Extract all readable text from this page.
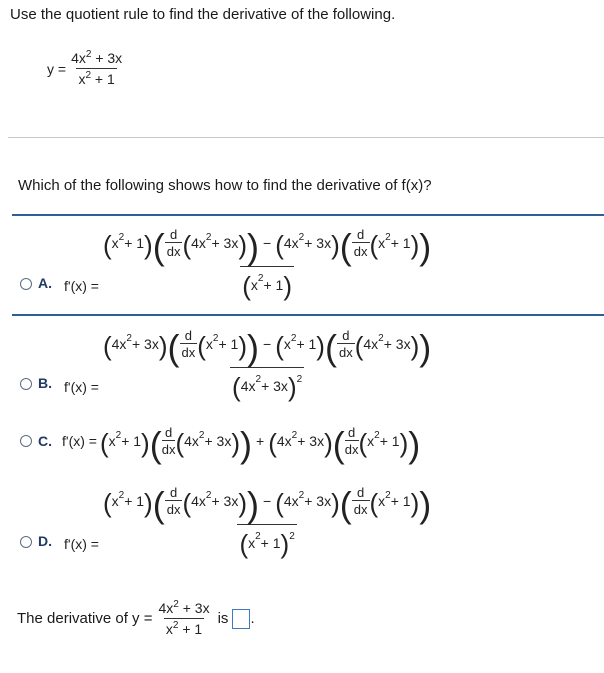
Use the quotient rule to find the derivative of the following.
$y = \frac{4x^2 + 3x}{x^2 + 1}$
Which of the following shows how to find the derivative of f(x)?
A. f'(x) =
( x 2 + 1 ) ( d
dx ( 4x 2 + 3x ) ) − ( 4x 2 + 3x ) ( d
dx ( x 2 + 1 ) )
( x 2 + 1 )
B. f'(x) =
( 4x 2 + 3x ) ( d
dx ( x 2 + 1 ) ) − ( x 2 + 1 ) ( d
dx ( 4x 2 + 3x ) )
( 4x 2 + 3x ) 2
C. f'(x) = ( x 2 + 1 ) ( d
dx ( 4x 2 + 3x ) ) + ( 4x 2 + 3x ) ( d
dx ( x 2 + 1 ) )
D. f'(x) =
( x 2 + 1 ) ( d
dx ( 4x 2 + 3x ) ) − ( 4x 2 + 3x ) ( d
dx ( x 2 + 1 ) )
( x 2 + 1 ) 2
The derivative of $y = \frac{4x^2 + 3x}{x^2 + 1}$ is .
